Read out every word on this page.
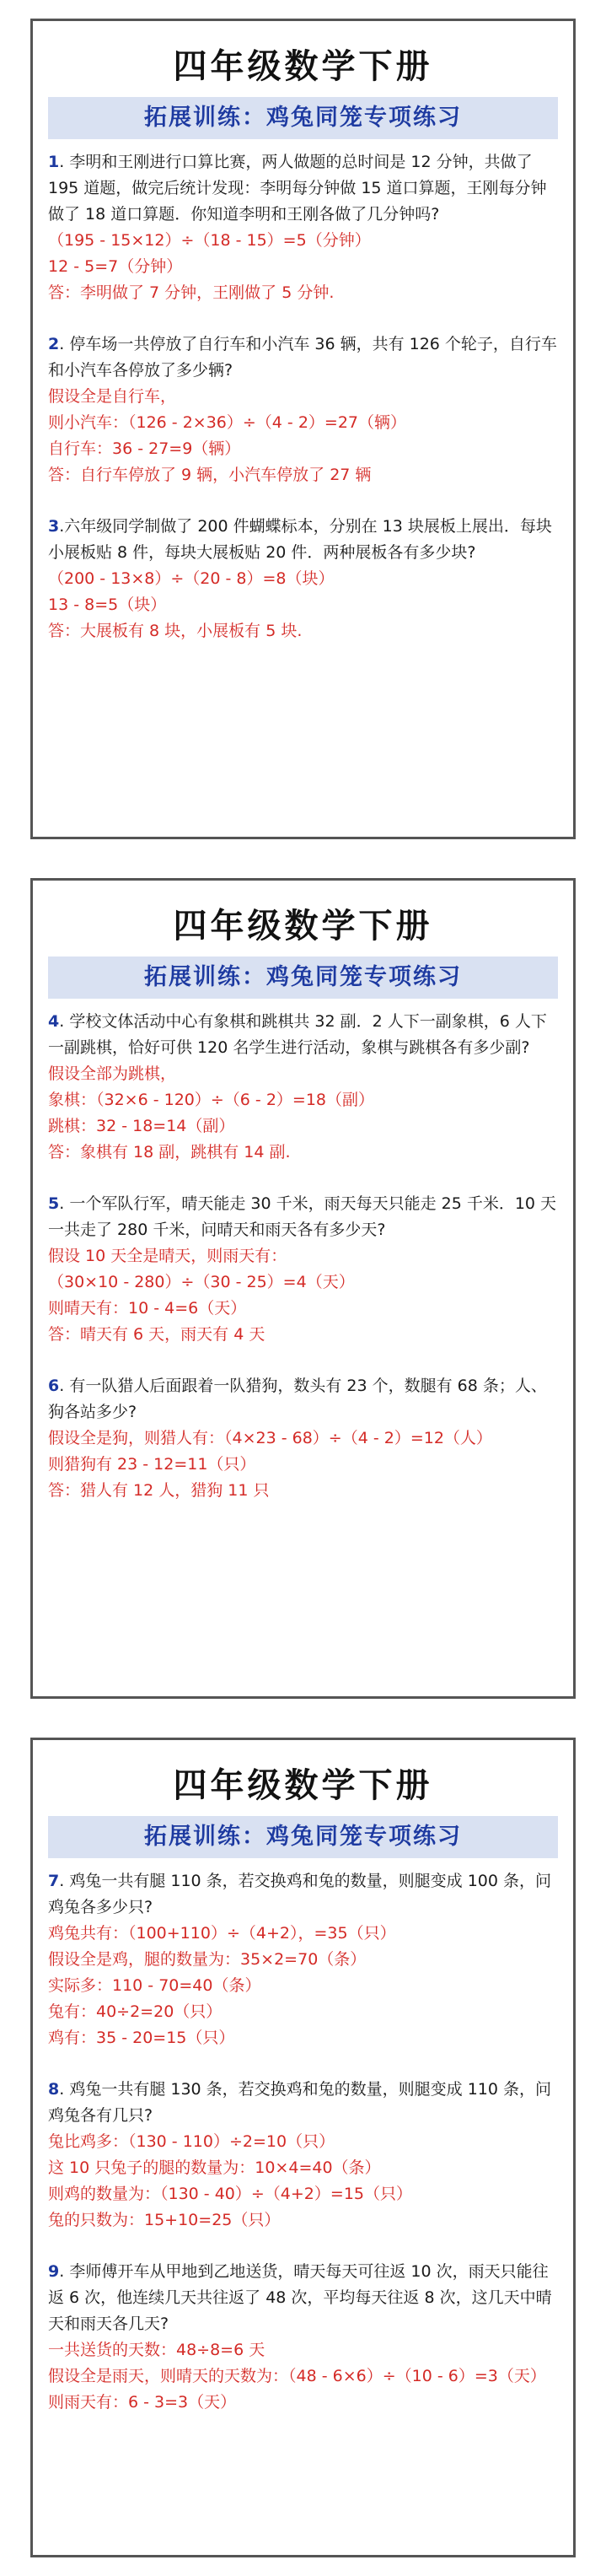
四年级数学下册
拓展训练：鸡兔同笼专项练习
1. 李明和王刚进行口算比赛，两人做题的总时间是 12 分钟，共做了 195 道题，做完后统计发现：李明每分钟做 15 道口算题，王刚每分钟做了 18 道口算题．你知道李明和王刚各做了几分钟吗?
（195 - 15×12）÷（18 - 15）=5（分钟）
12 - 5=7（分钟）
答：李明做了 7 分钟，王刚做了 5 分钟.
2. 停车场一共停放了自行车和小汽车 36 辆，共有 126 个轮子，自行车和小汽车各停放了多少辆?
假设全是自行车，
则小汽车：（126 - 2×36）÷（4 - 2）=27（辆）
自行车：36 - 27=9（辆）
答：自行车停放了 9 辆，小汽车停放了 27 辆
3.六年级同学制做了 200 件蝴蝶标本，分别在 13 块展板上展出．每块小展板贴 8 件，每块大展板贴 20 件．两种展板各有多少块?
（200 - 13×8）÷（20 - 8）=8（块）
13 - 8=5（块）
答：大展板有 8 块，小展板有 5 块.
四年级数学下册
拓展训练：鸡兔同笼专项练习
4. 学校文体活动中心有象棋和跳棋共 32 副．2 人下一副象棋，6 人下一副跳棋，恰好可供 120 名学生进行活动，象棋与跳棋各有多少副?
假设全部为跳棋，
象棋：（32×6 - 120）÷（6 - 2）=18（副）
跳棋：32 - 18=14（副）
答：象棋有 18 副，跳棋有 14 副.
5. 一个军队行军，晴天能走 30 千米，雨天每天只能走 25 千米．10 天一共走了 280 千米，问晴天和雨天各有多少天?
假设 10 天全是晴天，则雨天有：
（30×10 - 280）÷（30 - 25）=4（天）
则晴天有：10 - 4=6（天）
答：晴天有 6 天，雨天有 4 天
6. 有一队猎人后面跟着一队猎狗，数头有 23 个，数腿有 68 条；人、狗各站多少?
假设全是狗，则猎人有：（4×23 - 68）÷（4 - 2）=12（人）
则猎狗有 23 - 12=11（只）
答：猎人有 12 人，猎狗 11 只
四年级数学下册
拓展训练：鸡兔同笼专项练习
7. 鸡兔一共有腿 110 条，若交换鸡和兔的数量，则腿变成 100 条，问鸡兔各多少只?
鸡兔共有：（100+110）÷（4+2），=35（只）
假设全是鸡，腿的数量为：35×2=70（条）
实际多：110 - 70=40（条）
兔有：40÷2=20（只）
鸡有：35 - 20=15（只）
8. 鸡兔一共有腿 130 条，若交换鸡和兔的数量，则腿变成 110 条，问鸡兔各有几只?
兔比鸡多：（130 - 110）÷2=10（只）
这 10 只兔子的腿的数量为：10×4=40（条）
则鸡的数量为：（130 - 40）÷（4+2）=15（只）
兔的只数为：15+10=25（只）
9. 李师傅开车从甲地到乙地送货，晴天每天可往返 10 次，雨天只能往返 6 次，他连续几天共往返了 48 次，平均每天往返 8 次，这几天中晴天和雨天各几天?
一共送货的天数：48÷8=6 天
假设全是雨天，则晴天的天数为：（48 - 6×6）÷（10 - 6）=3（天）
则雨天有：6 - 3=3（天）
